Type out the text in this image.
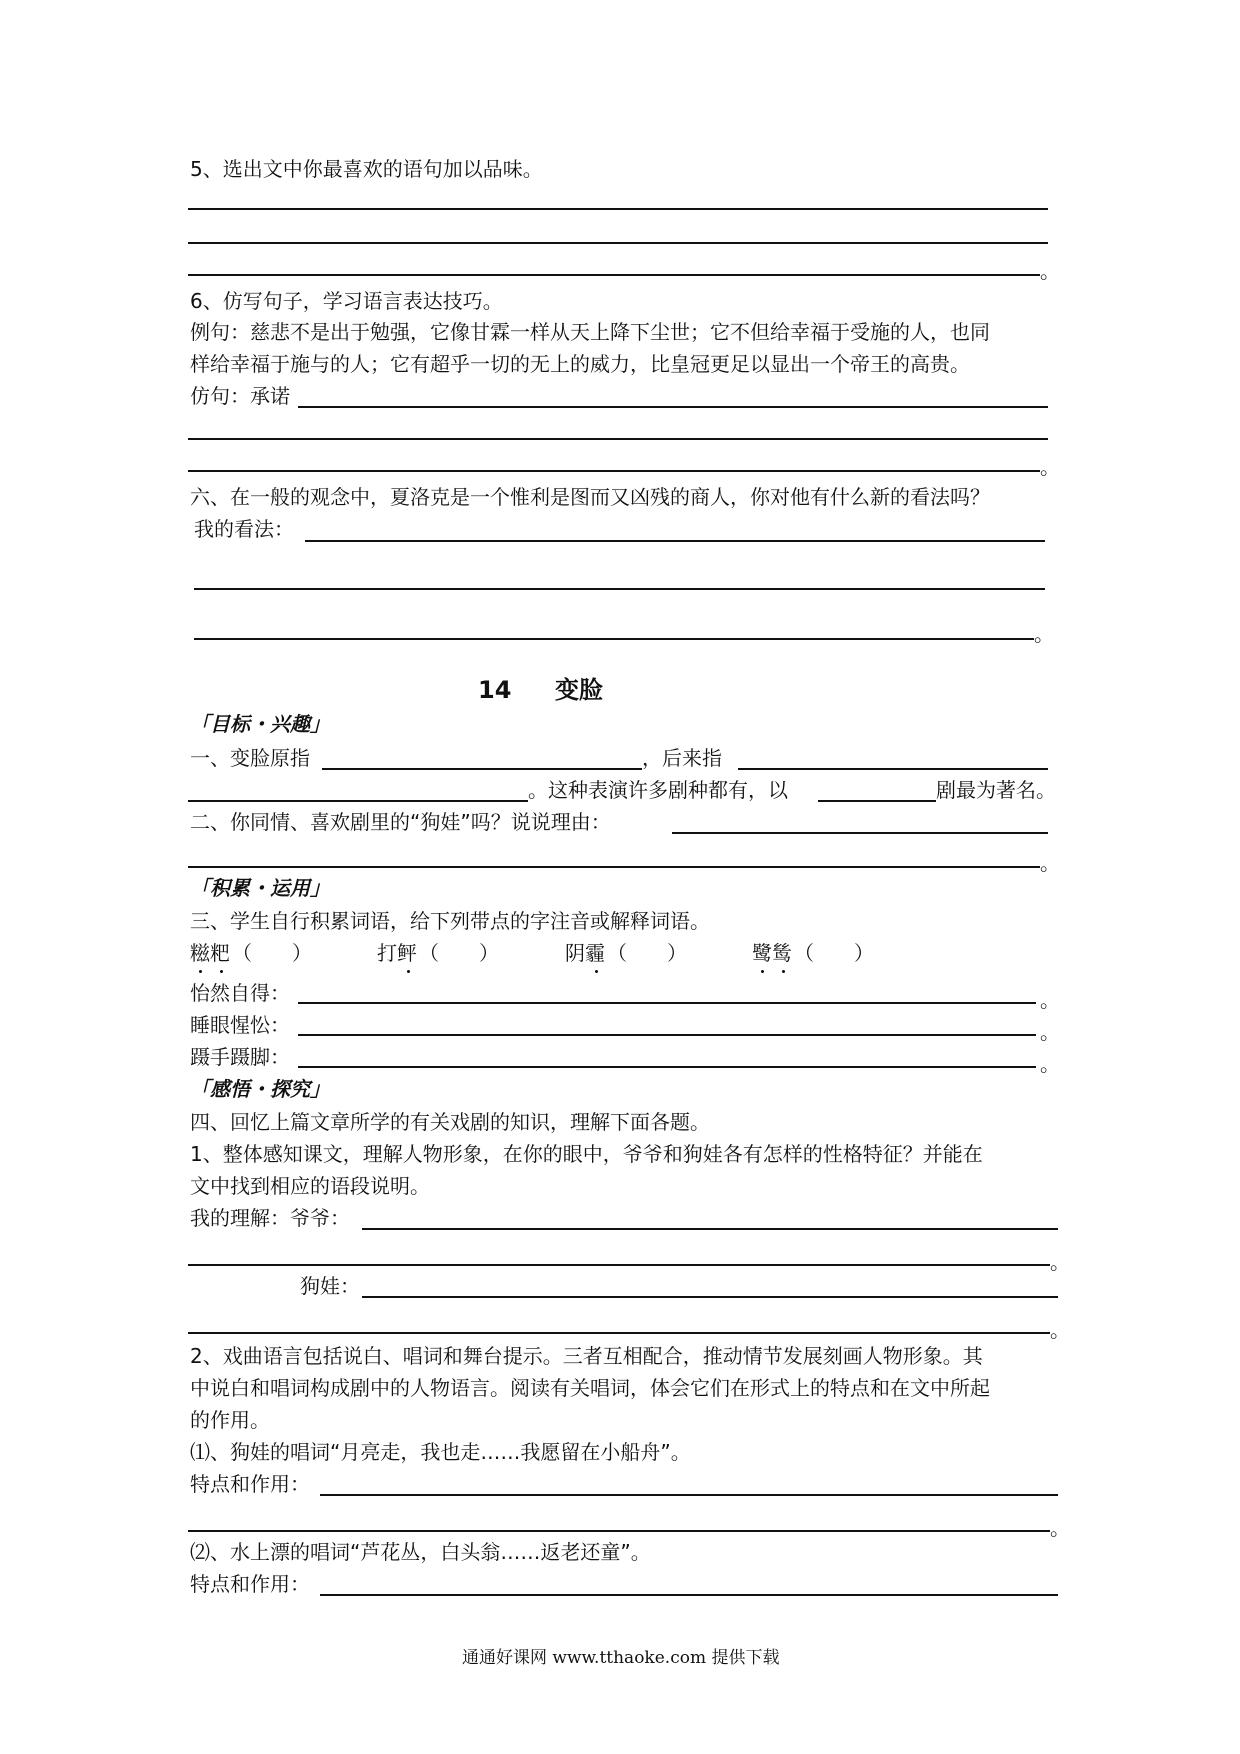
5、选出文中你最喜欢的语句加以品味。
。
6、仿写句子，学习语言表达技巧。
例句：慈悲不是出于勉强，它像甘霖一样从天上降下尘世；它不但给幸福于受施的人，也同
样给幸福于施与的人；它有超乎一切的无上的威力，比皇冠更足以显出一个帝王的高贵。
仿句：承诺
。
六、在一般的观念中，夏洛克是一个惟利是图而又凶残的商人，你对他有什么新的看法吗？
我的看法：
。
14 变脸
「目标・兴趣」
一、变脸原指	，后来指
。这种表演许多剧种都有，以	剧最为著名。
二、你同情、喜欢剧里的“狗娃”吗？说说理由：
。
「积累・运用」
三、学生自行积累词语，给下列带点的字注音或解释词语。
糍粑 （　　）	打鲆 （　　）	阴霾 （　　）	鹭鸶 （　　）
怡然自得：	。
睡眼惺忪：	。
蹑手蹑脚：	。
「感悟・探究」
四、回忆上篇文章所学的有关戏剧的知识，理解下面各题。
1、整体感知课文，理解人物形象，在你的眼中，爷爷和狗娃各有怎样的性格特征？并能在
文中找到相应的语段说明。
我的理解：爷爷：
。
狗娃：
。
2、戏曲语言包括说白、唱词和舞台提示。三者互相配合，推动情节发展刻画人物形象。其
中说白和唱词构成剧中的人物语言。阅读有关唱词，体会它们在形式上的特点和在文中所起
的作用。
⑴、狗娃的唱词“月亮走，我也走……我愿留在小船舟”。
特点和作用：
。
⑵、水上漂的唱词“芦花丛，白头翁……返老还童”。
特点和作用：
通通好课网 www.tthaoke.com 提供下载
